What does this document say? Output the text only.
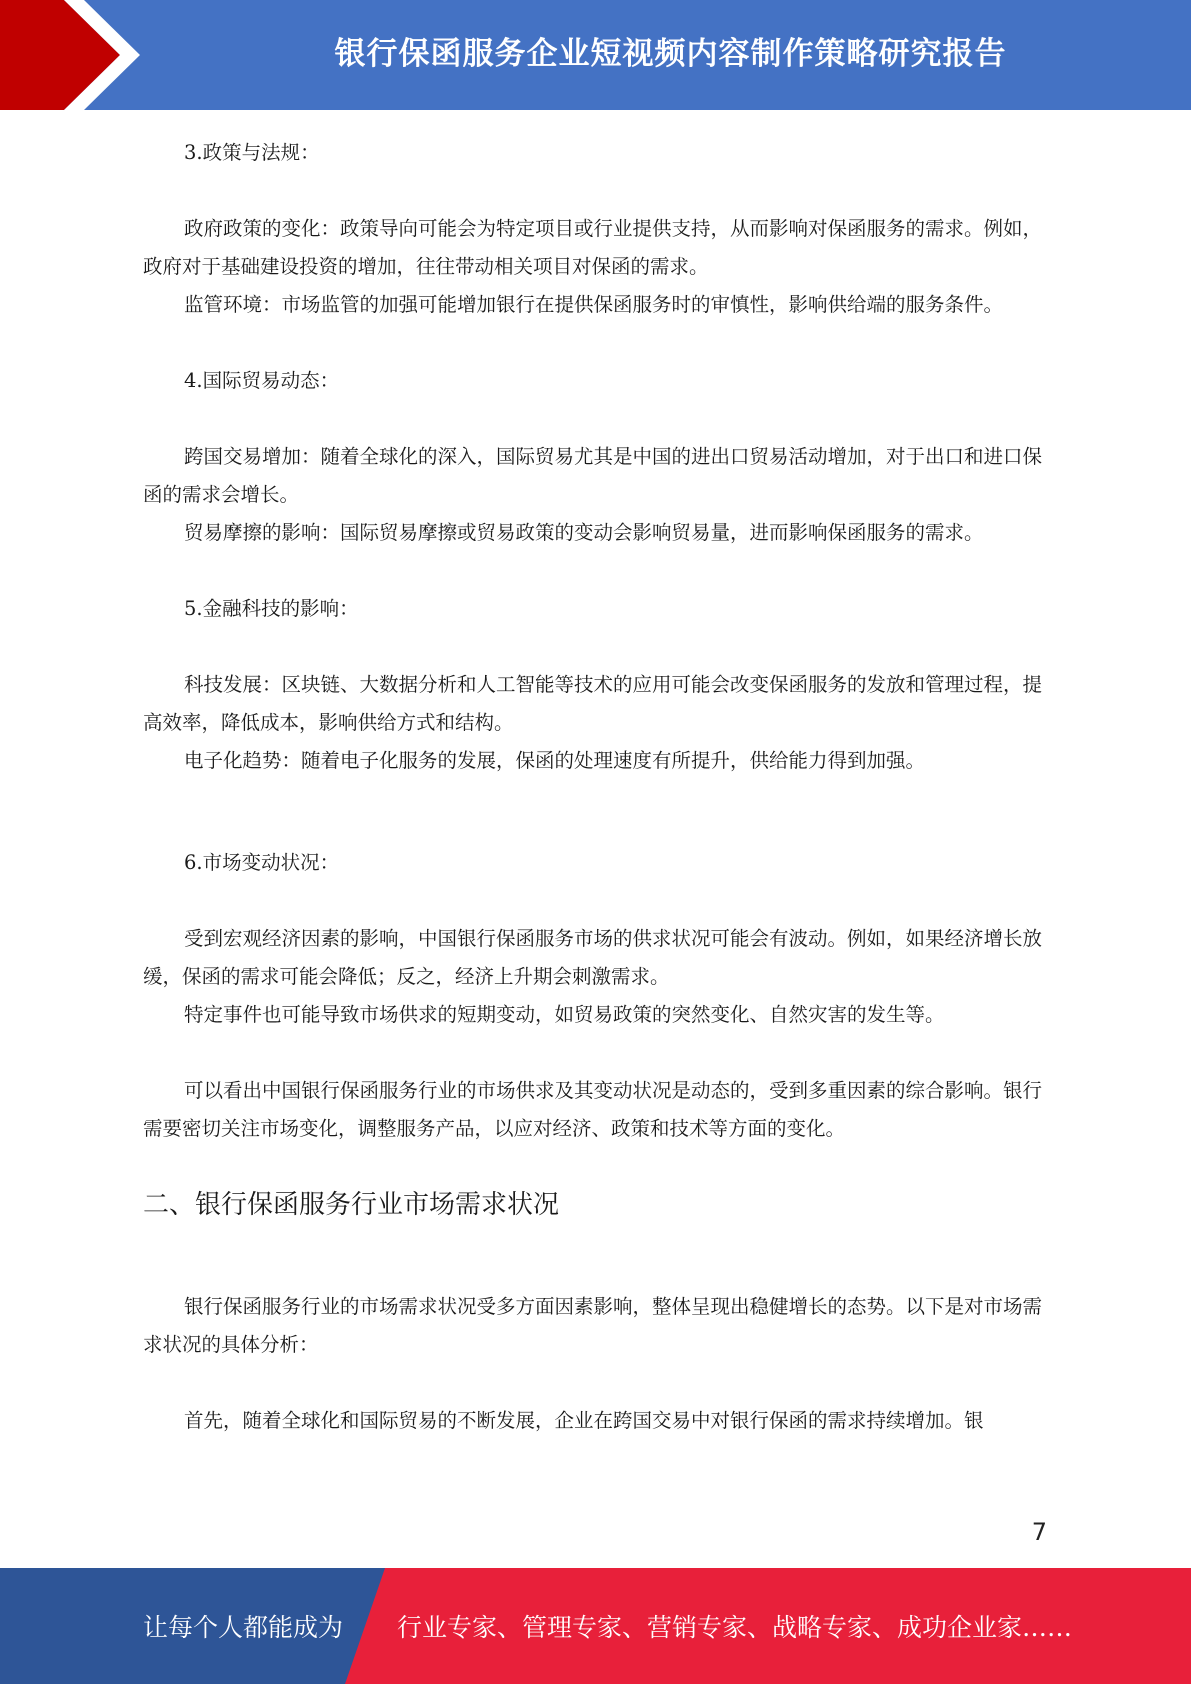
银行保函服务企业短视频内容制作策略研究报告

3.政策与法规：

政府政策的变化：政策导向可能会为特定项目或行业提供支持，从而影响对保函服务的需求。例如，政府对于基础建设投资的增加，往往带动相关项目对保函的需求。

监管环境：市场监管的加强可能增加银行在提供保函服务时的审慎性，影响供给端的服务条件。

4.国际贸易动态：

跨国交易增加：随着全球化的深入，国际贸易尤其是中国的进出口贸易活动增加，对于出口和进口保函的需求会增长。

贸易摩擦的影响：国际贸易摩擦或贸易政策的变动会影响贸易量，进而影响保函服务的需求。

5.金融科技的影响：

科技发展：区块链、大数据分析和人工智能等技术的应用可能会改变保函服务的发放和管理过程，提高效率，降低成本，影响供给方式和结构。

电子化趋势：随着电子化服务的发展，保函的处理速度有所提升，供给能力得到加强。

6.市场变动状况：

受到宏观经济因素的影响，中国银行保函服务市场的供求状况可能会有波动。例如，如果经济增长放缓，保函的需求可能会降低；反之，经济上升期会刺激需求。

特定事件也可能导致市场供求的短期变动，如贸易政策的突然变化、自然灾害的发生等。

可以看出中国银行保函服务行业的市场供求及其变动状况是动态的，受到多重因素的综合影响。银行需要密切关注市场变化，调整服务产品，以应对经济、政策和技术等方面的变化。

二、银行保函服务行业市场需求状况

银行保函服务行业的市场需求状况受多方面因素影响，整体呈现出稳健增长的态势。以下是对市场需求状况的具体分析：

首先，随着全球化和国际贸易的不断发展，企业在跨国交易中对银行保函的需求持续增加。银

7
让每个人都能成为 行业专家、管理专家、营销专家、战略专家、成功企业家……
